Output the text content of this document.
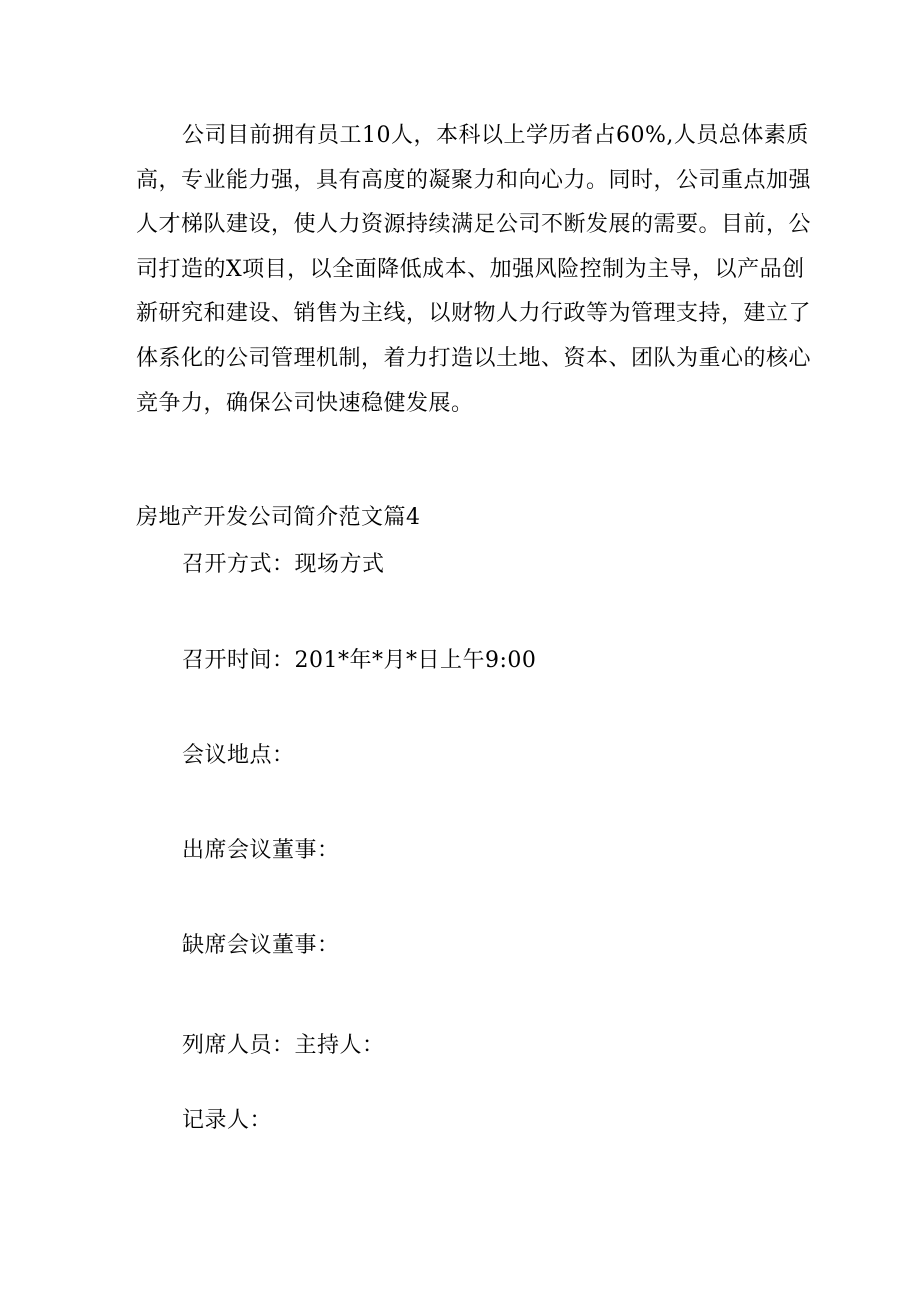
公司目前拥有员工10人，本科以上学历者占60%,人员总体素质
高，专业能力强，具有高度的凝聚力和向心力。同时，公司重点加强
人才梯队建设，使人力资源持续满足公司不断发展的需要。目前，公
司打造的X项目，以全面降低成本、加强风险控制为主导，以产品创
新研究和建设、销售为主线，以财物人力行政等为管理支持，建立了
体系化的公司管理机制，着力打造以土地、资本、团队为重心的核心
竞争力，确保公司快速稳健发展。
房地产开发公司简介范文篇4
召开方式：现场方式
召开时间：201*年*月*日上午9:00
会议地点：
出席会议董事：
缺席会议董事：
列席人员：主持人：
记录人：
